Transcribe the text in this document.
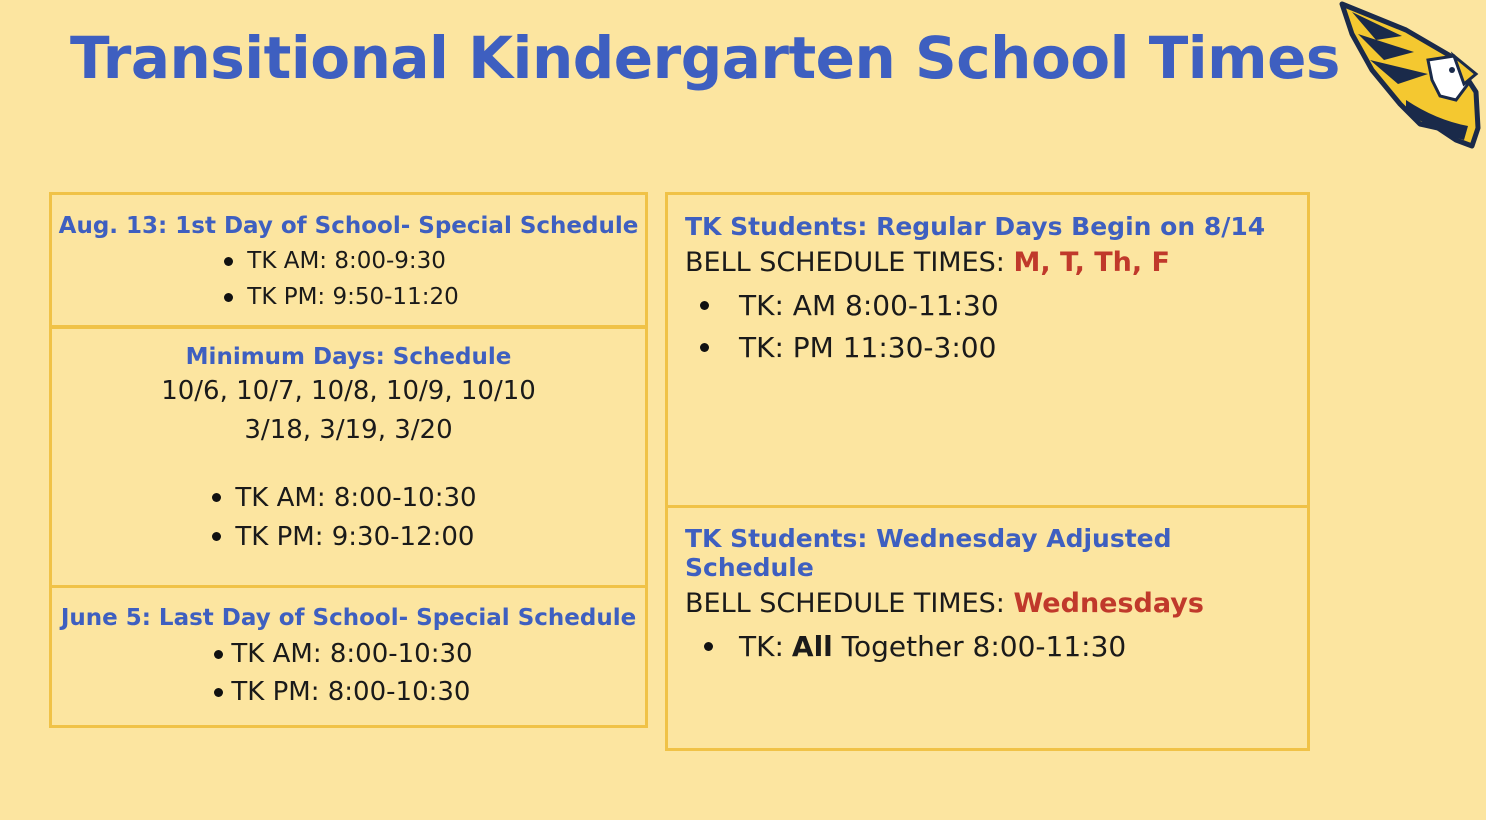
Transitional Kindergarten School Times
Aug. 13: 1st Day of School- Special Schedule
TK AM: 8:00-9:30
TK PM: 9:50-11:20
Minimum Days: Schedule
10/6, 10/7, 10/8, 10/9, 10/10
3/18, 3/19, 3/20
TK AM: 8:00-10:30
TK PM: 9:30-12:00
June 5: Last Day of School- Special Schedule
TK AM: 8:00-10:30
TK PM: 8:00-10:30
TK Students: Regular Days Begin on 8/14
BELL SCHEDULE TIMES: M, T, Th, F
TK: AM 8:00-11:30
TK: PM 11:30-3:00
TK Students: Wednesday Adjusted Schedule
BELL SCHEDULE TIMES: Wednesdays
TK: All Together 8:00-11:30
